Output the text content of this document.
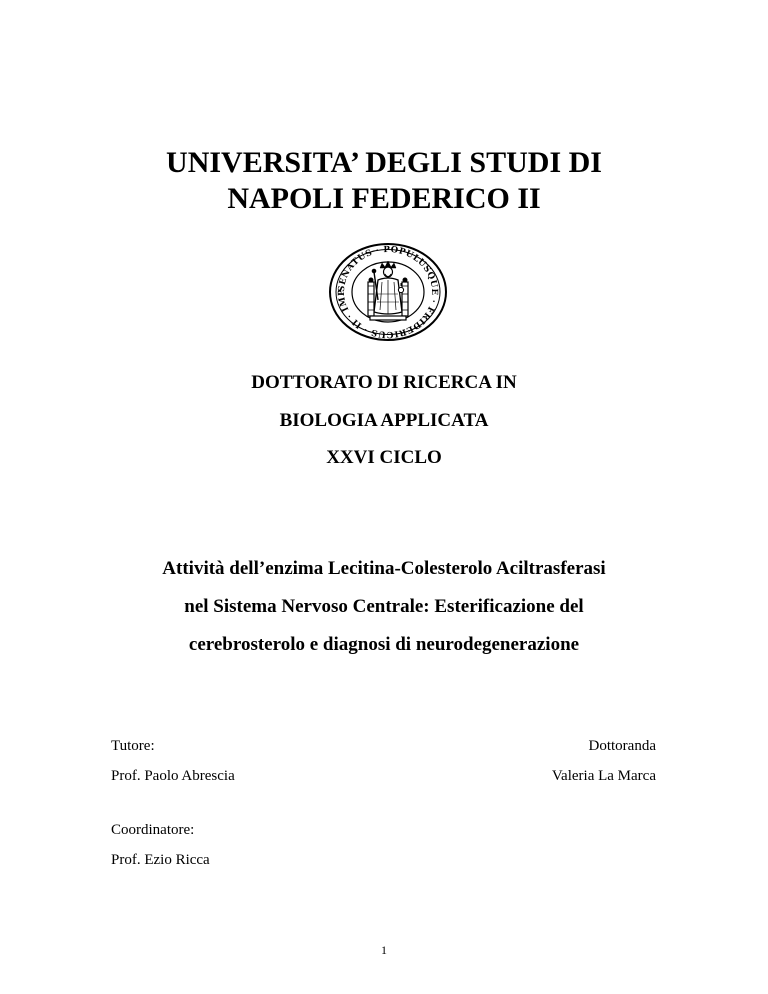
UNIVERSITA’ DEGLI STUDI DI
NAPOLI FEDERICO II
SENATUS · POPULUSQUE · FRIDERICUS · II · IMP
DOTTORATO DI RICERCA IN
BIOLOGIA APPLICATA
XXVI CICLO
Attività dell’enzima Lecitina-Colesterolo Aciltrasferasi
nel Sistema Nervoso Centrale: Esterificazione del
cerebrosterolo e diagnosi di neurodegenerazione
Tutore:	Dottoranda
Prof. Paolo Abrescia	Valeria La Marca
Coordinatore:
Prof. Ezio Ricca
1
